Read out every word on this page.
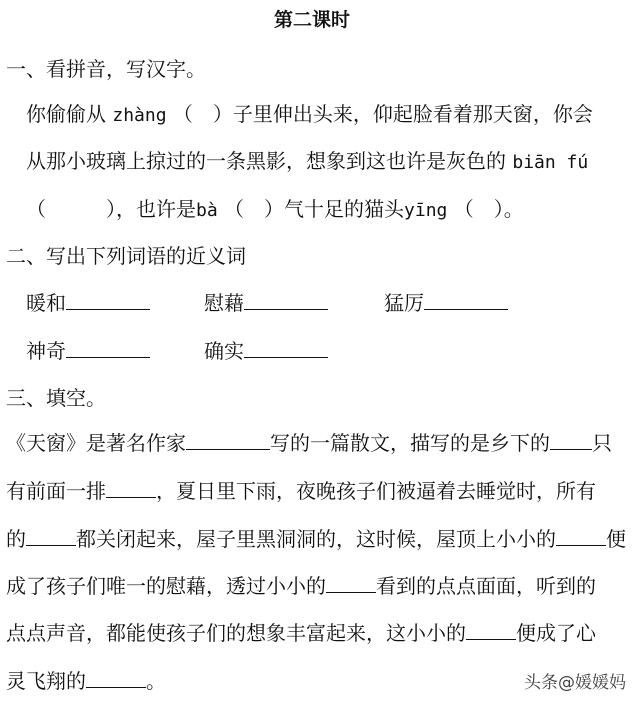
第二课时
一、看拼音，写汉字。
你偷偷从 zhàng （　）子里伸出头来，仰起脸看着那天窗，你会
从那小玻璃上掠过的一条黑影，想象到这也许是灰色的 biān fú
（　　　），也许是bà （　）气十足的猫头yīng （　）。
二、写出下列词语的近义词
暖和	慰藉	猛厉
神奇	确实
三、填空。
《天窗》是著名作家	写的一篇散文，描写的是乡下的 只
有前面一排	，夏日里下雨，夜晚孩子们被逼着去睡觉时，所有
的	都关闭起来，屋子里黑洞洞的，这时候，屋顶上小小的	便
成了孩子们唯一的慰藉，透过小小的	看到的点点面面，听到的
点点声音，都能使孩子们的想象丰富起来，这小小的	便成了心
灵飞翔的	。	头条@媛媛妈
